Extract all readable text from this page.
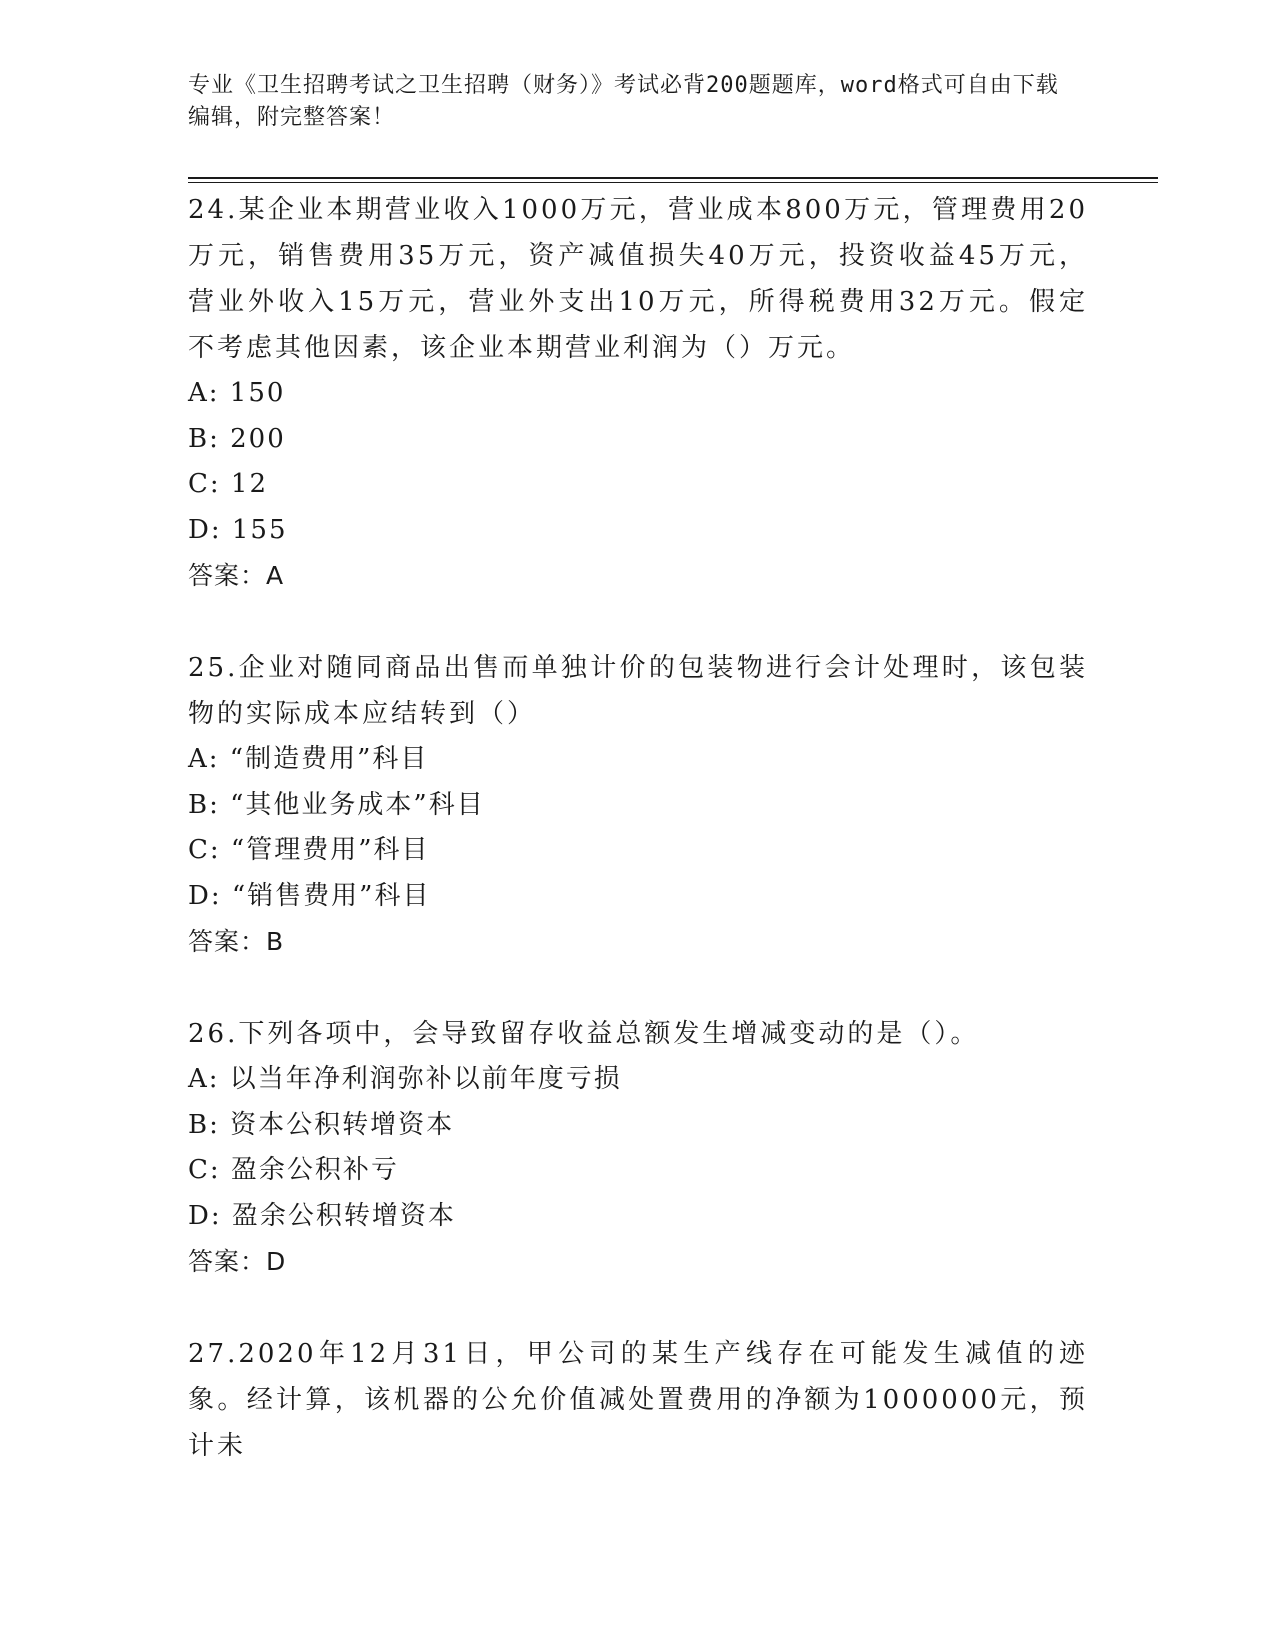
专业《卫生招聘考试之卫生招聘（财务）》考试必背200题题库，word格式可自由下载编辑，附完整答案！

24.某企业本期营业收入1000万元，营业成本800万元，管理费用20万元，销售费用35万元，资产减值损失40万元，投资收益45万元，营业外收入15万元，营业外支出10万元，所得税费用32万元。假定不考虑其他因素，该企业本期营业利润为（）万元。

A: 150

B: 200

C: 12

D: 155

答案：A

25.企业对随同商品出售而单独计价的包装物进行会计处理时，该包装物的实际成本应结转到（）

A: “制造费用”科目

B: “其他业务成本”科目

C: “管理费用”科目

D: “销售费用”科目

答案：B

26.下列各项中，会导致留存收益总额发生增减变动的是（）。

A: 以当年净利润弥补以前年度亏损

B: 资本公积转增资本

C: 盈余公积补亏

D: 盈余公积转增资本

答案：D

27.2020年12月31日，甲公司的某生产线存在可能发生减值的迹象。经计算，该机器的公允价值减处置费用的净额为1000000元，预计未
